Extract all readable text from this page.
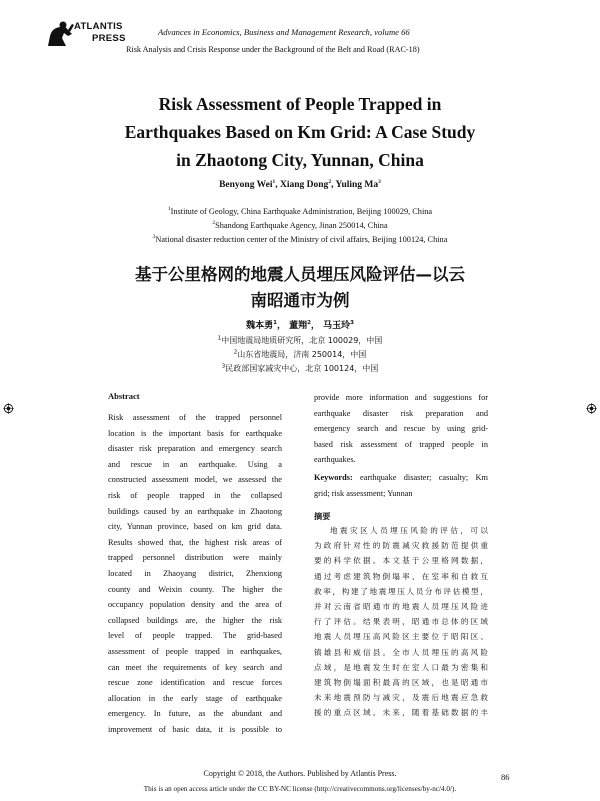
ATLANTIS
PRESS
Advances in Economics, Business and Management Research, volume 66
Risk Analysis and Crisis Response under the Background of the Belt and Road (RAC-18)
Risk Assessment of People Trapped in
Earthquakes Based on Km Grid: A Case Study
in Zhaotong City, Yunnan, China
Benyong Wei$^1$, Xiang Dong$^2$, Yuling Ma$^3$
$^1$Institute of Geology, China Earthquake Administration, Beijing 100029, China
$^2$Shandong Earthquake Agency, Jinan 250014, China
$^3$National disaster reduction center of the Ministry of civil affairs, Beijing 100124, China
基于公里格网的地震人员埋压风险评估—以云
南昭通市为例
魏本勇$^1$， 董翔$^2$， 马玉玲$^3$
$^1$中国地震局地质研究所，北京 100029，中国
$^2$山东省地震局，济南 250014，中国
$^3$民政部国家减灾中心，北京 100124，中国
Abstract
Risk assessment of the trapped personnel
location is the important basis for earthquake
disaster risk preparation and emergency search
and rescue in an earthquake. Using a
constructed assessment model, we assessed the
risk of people trapped in the collapsed
buildings caused by an earthquake in Zhaotong
city, Yunnan province, based on km grid data.
Results showed that, the highest risk areas of
trapped personnel distribution were mainly
located in Zhaoyang district, Zhenxiong
county and Weixin county. The higher the
occupancy population density and the area of
collapsed buildings are, the higher the risk
level of people trapped. The grid-based
assessment of people trapped in earthquakes,
can meet the requirements of key search and
rescue zone identification and rescue forces
allocation in the early stage of earthquake
emergency. In future, as the abundant and
improvement of basic data, it is possible to
provide more information and suggestions for
earthquake disaster risk preparation and
emergency search and rescue by using grid-
based risk assessment of trapped people in
earthquakes.
Keywords: earthquake disaster; casualty; Km
grid; risk assessment; Yunnan
摘要
地震灾区人员埋压风险的评估，可以
为政府针对性的防震减灾救援防范提供重
要的科学依据。本文基于公里格网数据，
通过考虑建筑物倒塌率、在室率和自救互
救率，构建了地震埋压人员分布评估模型，
并对云南省昭通市的地震人员埋压风险进
行了评估。结果表明，昭通市总体的区域
地震人员埋压高风险区主要位于昭阳区、
镇雄县和威信县。全市人员埋压的高风险
点域，是地震发生时在室人口最为密集和
建筑物倒塌面积最高的区域，也是昭通市
未来地震预防与减灾，及震后地震应急救
援的重点区域。未来，随着基础数据的丰
Copyright © 2018, the Authors. Published by Atlantis Press.
This is an open access article under the CC BY-NC license (http://creativecommons.org/licenses/by-nc/4.0/).
86
